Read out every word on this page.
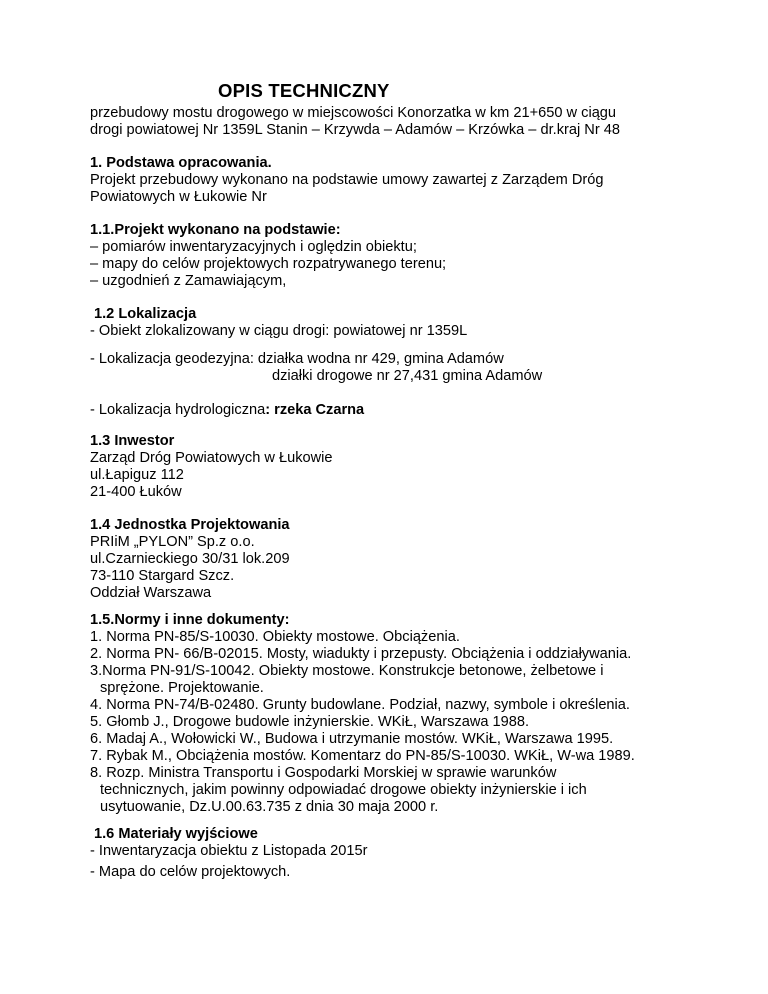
OPIS TECHNICZNY
przebudowy mostu drogowego w miejscowości Konorzatka w km 21+650 w ciągu
drogi powiatowej Nr 1359L Stanin – Krzywda – Adamów – Krzówka – dr.kraj Nr 48
1. Podstawa opracowania.
Projekt przebudowy wykonano na podstawie umowy zawartej z Zarządem Dróg
Powiatowych w Łukowie Nr
1.1.Projekt wykonano na podstawie:
– pomiarów inwentaryzacyjnych i oględzin obiektu;
– mapy do celów projektowych rozpatrywanego terenu;
– uzgodnień z Zamawiającym,
1.2 Lokalizacja
- Obiekt zlokalizowany w ciągu drogi: powiatowej nr 1359L
- Lokalizacja geodezyjna: działka wodna nr 429, gmina Adamów
działki drogowe nr 27,431 gmina Adamów
- Lokalizacja hydrologiczna: rzeka Czarna
1.3 Inwestor
Zarząd Dróg Powiatowych w Łukowie
ul.Łapiguz 112
21-400 Łuków
1.4 Jednostka Projektowania
PRIiM „PYLON” Sp.z o.o.
ul.Czarnieckiego 30/31 lok.209
73-110 Stargard Szcz.
Oddział Warszawa
1.5.Normy i inne dokumenty:
1. Norma PN-85/S-10030. Obiekty mostowe. Obciążenia.
2. Norma PN- 66/B-02015. Mosty, wiadukty i przepusty. Obciążenia i oddziaływania.
3.Norma PN-91/S-10042. Obiekty mostowe. Konstrukcje betonowe, żelbetowe i
sprężone. Projektowanie.
4. Norma PN-74/B-02480. Grunty budowlane. Podział, nazwy, symbole i określenia.
5. Głomb J., Drogowe budowle inżynierskie. WKiŁ, Warszawa 1988.
6. Madaj A., Wołowicki W., Budowa i utrzymanie mostów. WKiŁ, Warszawa 1995.
7. Rybak M., Obciążenia mostów. Komentarz do PN-85/S-10030. WKiŁ, W-wa 1989.
8. Rozp. Ministra Transportu i Gospodarki Morskiej w sprawie warunków
technicznych, jakim powinny odpowiadać drogowe obiekty inżynierskie i ich
usytuowanie, Dz.U.00.63.735 z dnia 30 maja 2000 r.
1.6 Materiały wyjściowe
- Inwentaryzacja obiektu z Listopada 2015r
- Mapa do celów projektowych.
